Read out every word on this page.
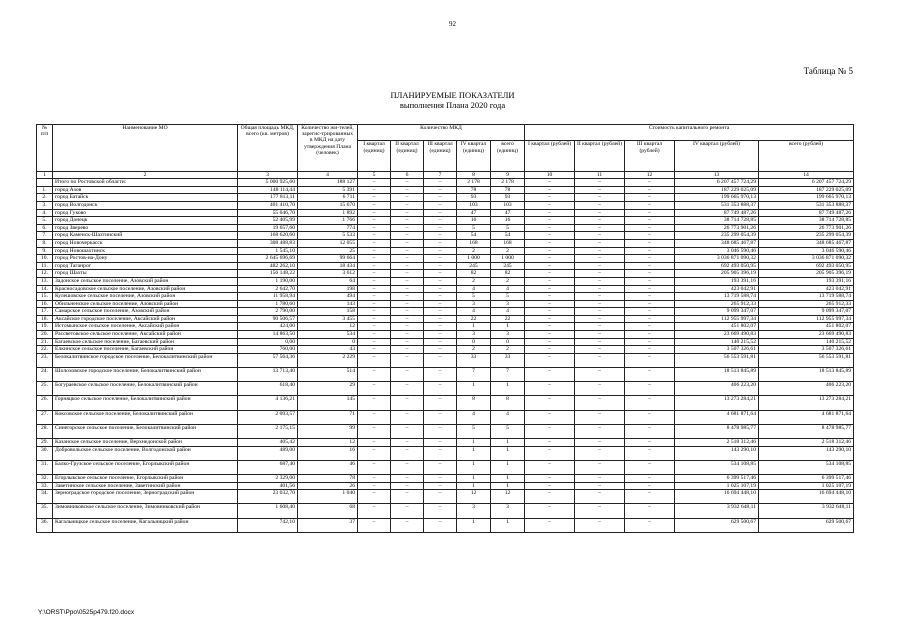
92
Таблица № 5
ПЛАНИРУЕМЫЕ ПОКАЗАТЕЛИ
выполнения Плана 2020 года
№ п/п	Наименование МО	Общая площадь МКД, всего (кв. метров)	Количество жи-телей, зарегис-трированных в МКД на дату утверждения Плана (человек)	Количество МКД					Стоимость капитального ремонта				
				I квартал (единиц)	II квартал (единиц)	III квартал (единиц)	IV квартал (единиц)	всего (единиц)	I квартал (рублей)	II квартал (рублей)	III квартал (рублей)	IV квартал (рублей)	всего (рублей)
1	2	3	4	5	6	7	8	9	10	11	12	13	14
	Итого по Ростовской области:	5 000 925,60	188 127	–	–	–	2 178	2 178	–	–	–	6 207 457 724,29	6 207 457 724,29
1.	город Азов	148 114,44	5 391	–	–	–	78	78	–	–	–	187 229 025,09	187 229 025,09
2.	город Батайск	177 813,11	6 711	–	–	–	93	93	–	–	–	199 665 970,13	199 665 970,13
3.	город Волгодонск	401 410,70	15 670	–	–	–	103	103	–	–	–	531 353 888,37	531 353 888,37
4.	город Гуково	55 046,70	1 892	–	–	–	47	47	–	–	–	87 749 487,26	87 749 487,26
5.	город Донецк	52 405,99	1 766	–	–	–	16	16	–	–	–	38 714 728,85	38 714 728,85
6.	город Зверево	19 657,60	774	–	–	–	5	5	–	–	–	26 773 901,26	26 773 901,26
7.	город Каменск-Шахтинский	168 620,60	5 533	–	–	–	54	54	–	–	–	235 299 054,39	235 299 054,39
8.	город Новочеркасск	308 488,83	12 055	–	–	–	168	168	–	–	–	348 685 467,87	348 685 467,87
9.	город Новошахтинск	1 545,10	25	–	–	–	2	2	–	–	–	3 046 590,46	3 046 590,46
10.	город Ростов-на-Дону	2 645 696,69	99 664	–	–	–	1 000	1 000	–	–	–	3 036 871 090,32	3 036 871 090,32
11.	город Таганрог	482 262,10	18 434	–	–	–	245	245	–	–	–	692 493 050,95	692 493 050,95
12.	город Шахты	156 148,22	3 612	–	–	–	82	82	–	–	–	205 905 396,19	205 905 396,19
13.	Задонское сельское поселение, Азовский район	1 190,00	64	–	–	–	2	2	–	–	–	193 391,16	193 391,16
14.	Красносадовское сельское поселение, Азовский район	2 642,70	198	–	–	–	4	4	–	–	–	423 042,91	423 042,91
15.	Кулешовское сельское поселение, Азовский район	11 958,94	494	–	–	–	5	5	–	–	–	13 719 588,74	13 719 588,74
16.	Обильненское сельское поселение, Азовский район	1 780,60	143	–	–	–	3	3	–	–	–	265 912,33	265 912,33
17.	Самарское сельское поселение, Азовский район	2 790,00	158	–	–	–	4	4	–	–	–	9 099 347,07	9 099 347,07
18.	Аксайское городское поселение, Аксайский район	90 506,57	3 455	–	–	–	22	22	–	–	–	112 955 997,34	112 955 997,34
19.	Истомынское сельское поселение, Аксайский район	424,00	12	–	–	–	1	1	–	–	–	451 802,07	451 802,07
20.	Рассветовское сельское поселение, Аксайский район	14 863,50	534	–	–	–	3	3	–	–	–	23 669 490,83	23 669 490,83
21.	Багаевское сельское поселение, Багаевский район	0,00	0	–	–	–	0	0	–	–	–	140 215,52	140 215,52
22.	Елкинское сельское поселение, Багаевский район	760,00	43	–	–	–	2	2	–	–	–	3 507 326,61	3 507 326,61
23.	Белокалитвинское городское поселение, Белокалитвинский район	57 564,36	2 229	–	–	–	33	33	–	–	–	56 553 591,81	56 553 591,81
24.	Шолоховское городское поселение, Белокалитвинский район	13 713,40	514	–	–	–	7	7	–	–	–	18 513 845,89	18 513 845,89
25.	Богураевское сельское поселение, Белокалитвинский район	618,40	29	–	–	–	1	1	–	–	–	406 223,20	406 223,20
26.	Горняцкое сельское поселение, Белокалитвинский район	4 136,21	145	–	–	–	8	8	–	–	–	13 273 284,21	13 273 284,21
27.	Коксовское сельское поселение, Белокалитвинский район	2 093,57	71	–	–	–	4	4	–	–	–	4 681 871,64	4 681 871,64
28.	Синегорское сельское поселение, Белокалитвинский район	2 175,15	99	–	–	–	5	5	–	–	–	8 478 985,77	8 478 985,77
29.	Казанское сельское поселение, Верхнедонской район	405,42	12	–	–	–	1	1	–	–	–	2 518 312,46	2 518 312,46
30.	Добровольское сельское поселение, Волгодонской район	489,00	16	–	–	–	1	1	–	–	–	143 290,10	143 290,10
31.	Балко-Грузское сельское поселение, Егорлыкский район	687,40	46	–	–	–	1	1	–	–	–	534 108,85	534 108,85
32.	Егорлыкское сельское поселение, Егорлыкский район	2 329,00	78	–	–	–	1	1	–	–	–	6 399 517,46	6 399 517,46
33.	Заветинское сельское поселение, Заветинский район	401,56	26	–	–	–	1	1	–	–	–	1 025 107,19	1 025 107,19
34.	Зерноградское городское поселение, Зерноградский район	23 032,70	1 040	–	–	–	12	12	–	–	–	16 694 448,10	16 694 448,10
35.	Зимовниковское сельское поселение, Зимовниковский район	1 608,40	68	–	–	–	3	3	–	–	–	3 932 648,11	3 932 648,11
36.	Кагальницкое сельское поселение, Кагальницкий район	742,10	37	–	–	–	1	1	–	–	–	629 500,67	629 500,67
Y:\ORST\Ppo\0525p479.f20.docx
